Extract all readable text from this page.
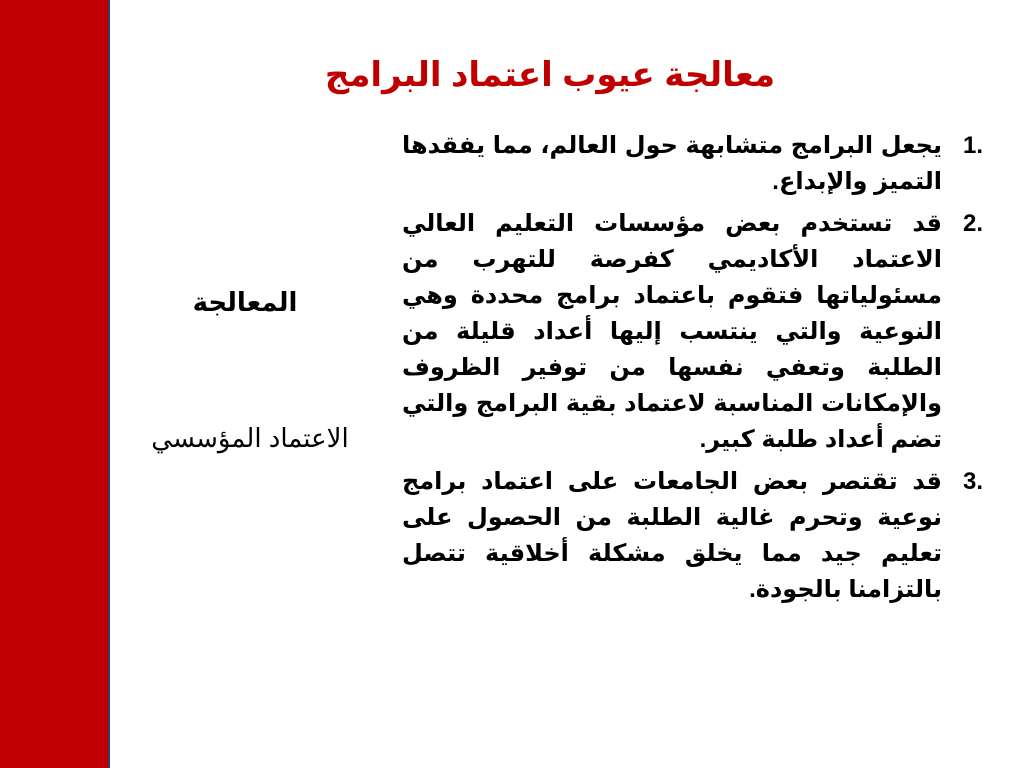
معالجة عيوب اعتماد البرامج
1.
يجعل البرامج متشابهة حول العالم، مما يفقدها التميز والإبداع.
2.
قد تستخدم بعض مؤسسات التعليم العالي الاعتماد الأكاديمي كفرصة للتهرب من مسئولياتها فتقوم باعتماد برامج محددة وهي النوعية والتي ينتسب إليها أعداد قليلة من الطلبة وتعفي نفسها من توفير الظروف والإمكانات المناسبة لاعتماد بقية البرامج والتي تضم أعداد طلبة كبير.
3.
قد تقتصر بعض الجامعات على اعتماد برامج نوعية وتحرم غالية الطلبة من الحصول على تعليم جيد مما يخلق مشكلة أخلاقية تتصل بالتزامنا بالجودة.

المعالجة

الاعتماد المؤسسي
